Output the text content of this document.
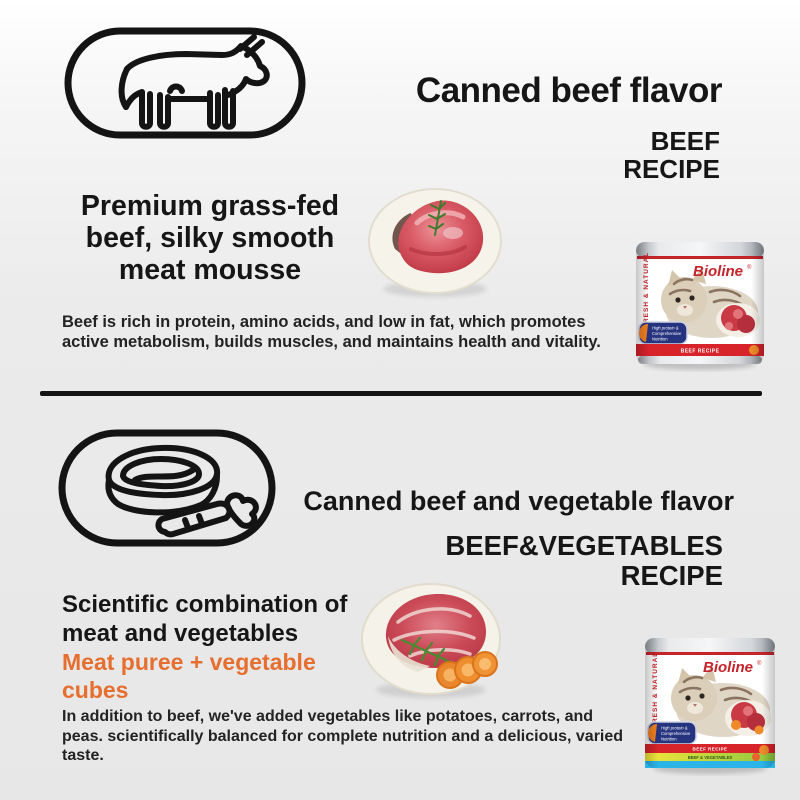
Canned beef flavor
BEEF
RECIPE
Premium grass-fed
beef, silky smooth
meat mousse
Beef is rich in protein, amino acids, and low in fat, which promotes active metabolism, builds muscles, and maintains health and vitality.
Canned beef and vegetable flavor
BEEF&VEGETABLES
RECIPE
Scientific combination of
meat and vegetables
Meat puree + vegetable
cubes
In addition to beef, we've added vegetables like potatoes, carrots, and peas. scientifically balanced for complete nutrition and a delicious, varied taste.
